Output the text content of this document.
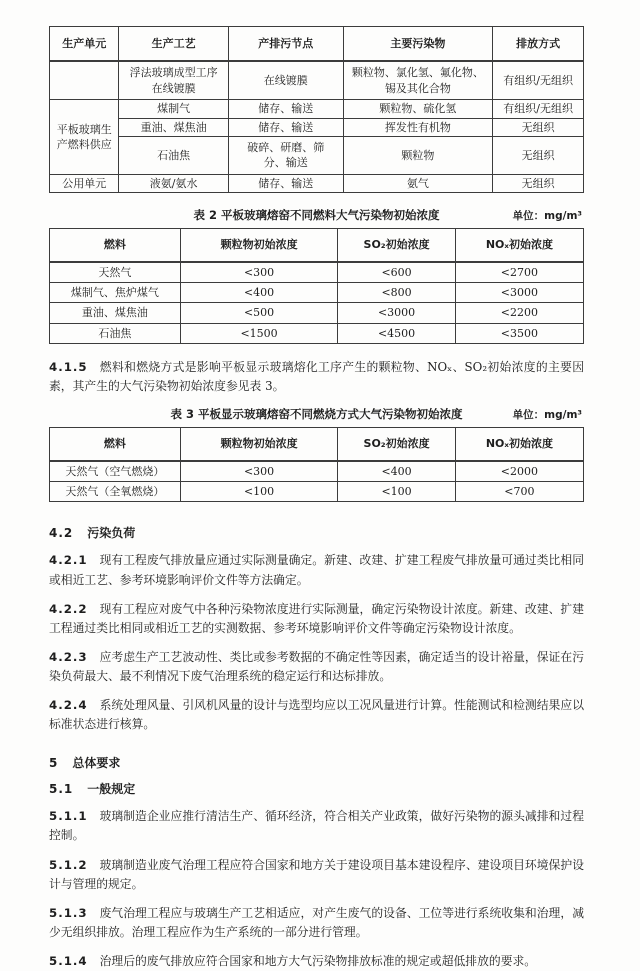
生产单元	生产工艺	产排污节点	主要污染物	排放方式
	浮法玻璃成型工序在线镀膜	在线镀膜	颗粒物、氯化氢、氟化物、锡及其化合物	有组织/无组织
平板玻璃生产燃料供应	煤制气	储存、输送	颗粒物、硫化氢	有组织/无组织
	重油、煤焦油	储存、输送	挥发性有机物	无组织
	石油焦	破碎、研磨、筛分、输送	颗粒物	无组织
公用单元	液氨/氨水	储存、输送	氨气	无组织
表 2 平板玻璃熔窑不同燃料大气污染物初始浓度	单位：mg/m³
燃料	颗粒物初始浓度	SO₂初始浓度	NOₓ初始浓度
天然气	<300	<600	<2700
煤制气、焦炉煤气	<400	<800	<3000
重油、煤焦油	<500	<3000	<2200
石油焦	<1500	<4500	<3500

4.1.5 燃料和燃烧方式是影响平板显示玻璃熔化工序产生的颗粒物、NOₓ、SO₂初始浓度的主要因素，其产生的大气污染物初始浓度参见表 3。

表 3 平板显示玻璃熔窑不同燃烧方式大气污染物初始浓度	单位：mg/m³
燃料	颗粒物初始浓度	SO₂初始浓度	NOₓ初始浓度
天然气（空气燃烧）	<300	<400	<2000
天然气（全氧燃烧）	<100	<100	<700
4.2 污染负荷

4.2.1 现有工程废气排放量应通过实际测量确定。新建、改建、扩建工程废气排放量可通过类比相同或相近工艺、参考环境影响评价文件等方法确定。

4.2.2 现有工程应对废气中各种污染物浓度进行实际测量，确定污染物设计浓度。新建、改建、扩建工程通过类比相同或相近工艺的实测数据、参考环境影响评价文件等确定污染物设计浓度。

4.2.3 应考虑生产工艺波动性、类比或参考数据的不确定性等因素，确定适当的设计裕量，保证在污染负荷最大、最不利情况下废气治理系统的稳定运行和达标排放。

4.2.4 系统处理风量、引风机风量的设计与选型均应以工况风量进行计算。性能测试和检测结果应以标准状态进行核算。

5 总体要求
5.1 一般规定

5.1.1 玻璃制造企业应推行清洁生产、循环经济，符合相关产业政策，做好污染物的源头减排和过程控制。

5.1.2 玻璃制造业废气治理工程应符合国家和地方关于建设项目基本建设程序、建设项目环境保护设计与管理的规定。

5.1.3 废气治理工程应与玻璃生产工艺相适应，对产生废气的设备、工位等进行系统收集和治理，减少无组织排放。治理工程应作为生产系统的一部分进行管理。

5.1.4 治理后的废气排放应符合国家和地方大气污染物排放标准的规定或超低排放的要求。
